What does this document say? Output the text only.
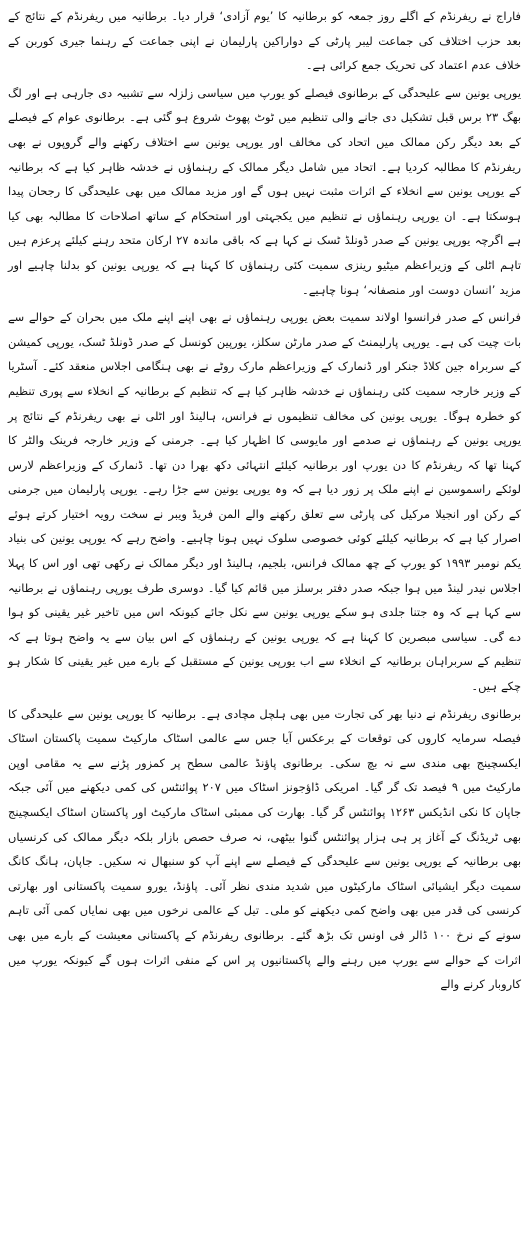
فاراج نے ریفرنڈم کے اگلے روز جمعہ کو برطانیہ کا ’یوم آزادی‘ قرار دیا۔ برطانیہ میں ریفرنڈم کے نتائج کے بعد حزب اختلاف کی جماعت لیبر پارٹی کے دواراکین پارلیمان نے اپنی جماعت کے رہنما جیری کوربن کے خلاف عدم اعتماد کی تحریک جمع کرائی ہے۔

یورپی یونین سے علیحدگی کے برطانوی فیصلے کو یورپ میں سیاسی زلزلہ سے تشبیہ دی جارہی ہے اور لگ بھگ ۲۳ برس قبل تشکیل دی جانے والی تنظیم میں ٹوٹ پھوٹ شروع ہو گئی ہے۔ برطانوی عوام کے فیصلے کے بعد دیگر رکن ممالک میں اتحاد کی مخالف اور یورپی یونین سے اختلاف رکھنے والے گروپوں نے بھی ریفرنڈم کا مطالبہ کردیا ہے۔ اتحاد میں شامل دیگر ممالک کے رہنماؤں نے خدشہ ظاہر کیا ہے کہ برطانیہ کے یورپی یونین سے انخلاء کے اثرات مثبت نہیں ہوں گے اور مزید ممالک میں بھی علیحدگی کا رجحان پیدا ہوسکتا ہے۔ ان یورپی رہنماؤں نے تنظیم میں یکجہتی اور استحکام کے ساتھ اصلاحات کا مطالبہ بھی کیا ہے اگرچہ یورپی یونین کے صدر ڈونلڈ ٹسک نے کہا ہے کہ باقی ماندہ ۲۷ ارکان متحد رہنے کیلئے پرعزم ہیں تاہم اٹلی کے وزیراعظم میٹیو رینزی سمیت کئی رہنماؤں کا کہنا ہے کہ یورپی یونین کو بدلنا چاہیے اور مزید ’انسان دوست اور منصفانہ‘ ہونا چاہیے۔

فرانس کے صدر فرانسوا اولاند سمیت بعض یورپی رہنماؤں نے بھی اپنے اپنے ملک میں بحران کے حوالے سے بات چیت کی ہے۔ یورپی پارلیمنٹ کے صدر مارٹن سکلز، یورپین کونسل کے صدر ڈونلڈ ٹسک، یورپی کمیشن کے سربراہ جین کلاڈ جنکر اور ڈنمارک کے وزیراعظم مارک روٹے نے بھی ہنگامی اجلاس منعقد کئے۔ آسٹریا کے وزیر خارجہ سمیت کئی رہنماؤں نے خدشہ ظاہر کیا ہے کہ تنظیم کے برطانیہ کے انخلاء سے پوری تنظیم کو خطرہ ہوگا۔ یورپی یونین کی مخالف تنظیموں نے فرانس، ہالینڈ اور اٹلی نے بھی ریفرنڈم کے نتائج پر یورپی یونین کے رہنماؤں نے صدمے اور مایوسی کا اظہار کیا ہے۔ جرمنی کے وزیر خارجہ فرینک والٹر کا کہنا تھا کہ ریفرنڈم کا دن یورپ اور برطانیہ کیلئے انتہائی دکھ بھرا دن تھا۔ ڈنمارک کے وزیراعظم لارس لوئکے راسموسین نے اپنے ملک پر زور دیا ہے کہ وہ یورپی یونین سے جڑا رہے۔ یورپی پارلیمان میں جرمنی کے رکن اور انجیلا مرکیل کی پارٹی سے تعلق رکھنے والے المن فریڈ ویبر نے سخت رویہ اختیار کرتے ہوئے اصرار کیا ہے کہ برطانیہ کیلئے کوئی خصوصی سلوک نہیں ہونا چاہیے۔ واضح رہے کہ یورپی یونین کی بنیاد یکم نومبر ۱۹۹۳ کو یورپ کے چھ ممالک فرانس، بلجیم، ہالینڈ اور دیگر ممالک نے رکھی تھی اور اس کا پہلا اجلاس نیدر لینڈ میں ہوا جبکہ صدر دفتر برسلز میں قائم کیا گیا۔ دوسری طرف یورپی رہنماؤں نے برطانیہ سے کہا ہے کہ وہ جتنا جلدی ہو سکے یورپی یونین سے نکل جائے کیونکہ اس میں تاخیر غیر یقینی کو ہوا دے گی۔ سیاسی مبصرین کا کہنا ہے کہ یورپی یونین کے رہنماؤں کے اس بیان سے یہ واضح ہوتا ہے کہ تنظیم کے سربراہان برطانیہ کے انخلاء سے اب یورپی یونین کے مستقبل کے بارے میں غیر یقینی کا شکار ہو چکے ہیں۔

برطانوی ریفرنڈم نے دنیا بھر کی تجارت میں بھی ہلچل مچادی ہے۔ برطانیہ کا یورپی یونین سے علیحدگی کا فیصلہ سرمایہ کاروں کی توقعات کے برعکس آیا جس سے عالمی اسٹاک مارکیٹ سمیت پاکستان اسٹاک ایکسچینج بھی مندی سے نہ بچ سکی۔ برطانوی پاؤنڈ عالمی سطح پر کمزور پڑنے سے یہ مقامی اوپن مارکیٹ میں ۹ فیصد تک گر گیا۔ امریکی ڈاؤجونز اسٹاک میں ۲۰۷ پوائنٹس کی کمی دیکھنے میں آئی جبکہ جاپان کا نکی انڈیکس ۱۲۶۳ پوائنٹس گر گیا۔ بھارت کی ممبئی اسٹاک مارکیٹ اور پاکستان اسٹاک ایکسچینج بھی ٹریڈنگ کے آغاز پر ہی ہزار پوائنٹس گنوا بیٹھی، نہ صرف حصص بازار بلکہ دیگر ممالک کی کرنسیاں بھی برطانیہ کے یورپی یونین سے علیحدگی کے فیصلے سے اپنے آپ کو سنبھال نہ سکیں۔ جاپان، ہانگ کانگ سمیت دیگر ایشیائی اسٹاک مارکیٹوں میں شدید مندی نظر آئی۔ پاؤنڈ، یورو سمیت پاکستانی اور بھارتی کرنسی کی قدر میں بھی واضح کمی دیکھنے کو ملی۔ تیل کے عالمی نرخوں میں بھی نمایاں کمی آئی تاہم سونے کے نرخ ۱۰۰ ڈالر فی اونس تک بڑھ گئے۔ برطانوی ریفرنڈم کے پاکستانی معیشت کے بارے میں بھی اثرات کے حوالے سے یورپ میں رہنے والے پاکستانیوں پر اس کے منفی اثرات ہوں گے کیونکہ یورپ میں کاروبار کرنے والے
